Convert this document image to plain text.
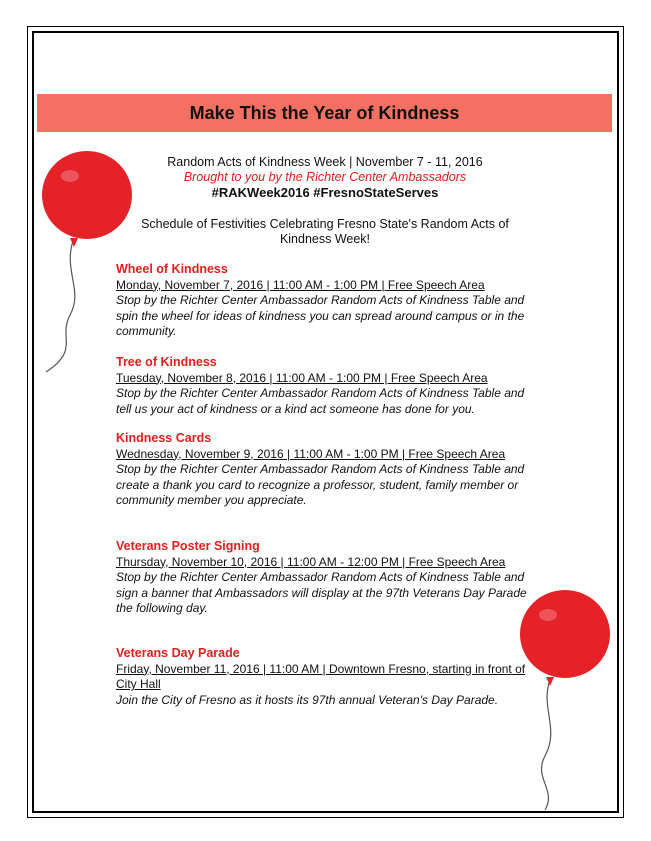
Make This the Year of Kindness
Random Acts of Kindness Week | November 7 - 11, 2016
Brought to you by the Richter Center Ambassadors
#RAKWeek2016 #FresnoStateServes
Schedule of Festivities Celebrating Fresno State's Random Acts of Kindness Week!
Wheel of Kindness
Monday, November 7, 2016 | 11:00 AM - 1:00 PM | Free Speech Area
Stop by the Richter Center Ambassador Random Acts of Kindness Table and spin the wheel for ideas of kindness you can spread around campus or in the community.
Tree of Kindness
Tuesday, November 8, 2016 | 11:00 AM - 1:00 PM | Free Speech Area
Stop by the Richter Center Ambassador Random Acts of Kindness Table and tell us your act of kindness or a kind act someone has done for you.
Kindness Cards
Wednesday, November 9, 2016 | 11:00 AM - 1:00 PM | Free Speech Area
Stop by the Richter Center Ambassador Random Acts of Kindness Table and create a thank you card to recognize a professor, student, family member or community member you appreciate.
Veterans Poster Signing
Thursday, November 10, 2016 | 11:00 AM - 12:00 PM | Free Speech Area
Stop by the Richter Center Ambassador Random Acts of Kindness Table and sign a banner that Ambassadors will display at the 97th Veterans Day Parade the following day.
Veterans Day Parade
Friday, November 11, 2016 | 11:00 AM | Downtown Fresno, starting in front of City Hall
Join the City of Fresno as it hosts its 97th annual Veteran's Day Parade.
